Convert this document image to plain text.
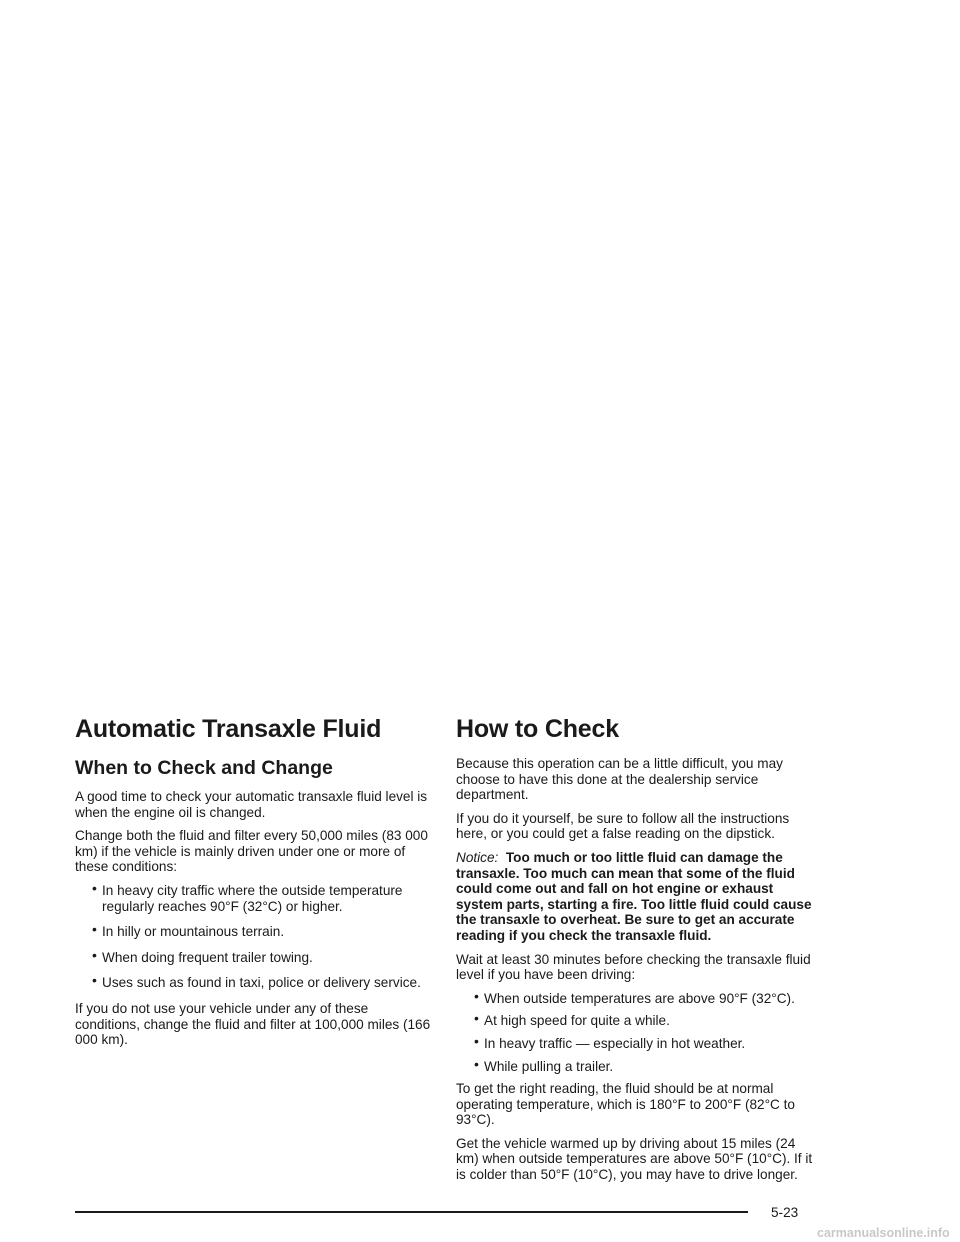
Automatic Transaxle Fluid
When to Check and Change

A good time to check your automatic transaxle fluid level is when the engine oil is changed.

Change both the fluid and filter every 50,000 miles (83 000 km) if the vehicle is mainly driven under one or more of these conditions:

• In heavy city traffic where the outside temperature regularly reaches 90°F (32°C) or higher.
• In hilly or mountainous terrain.
• When doing frequent trailer towing.
• Uses such as found in taxi, police or delivery service.

If you do not use your vehicle under any of these conditions, change the fluid and filter at 100,000 miles (166 000 km).

How to Check

Because this operation can be a little difficult, you may choose to have this done at the dealership service department.

If you do it yourself, be sure to follow all the instructions here, or you could get a false reading on the dipstick.

Notice: Too much or too little fluid can damage the transaxle. Too much can mean that some of the fluid could come out and fall on hot engine or exhaust system parts, starting a fire. Too little fluid could cause the transaxle to overheat. Be sure to get an accurate reading if you check the transaxle fluid.

Wait at least 30 minutes before checking the transaxle fluid level if you have been driving:

• When outside temperatures are above 90°F (32°C).
• At high speed for quite a while.
• In heavy traffic — especially in hot weather.
• While pulling a trailer.

To get the right reading, the fluid should be at normal operating temperature, which is 180°F to 200°F (82°C to 93°C).

Get the vehicle warmed up by driving about 15 miles (24 km) when outside temperatures are above 50°F (10°C). If it is colder than 50°F (10°C), you may have to drive longer.

5-23
carmanualsonline.info
